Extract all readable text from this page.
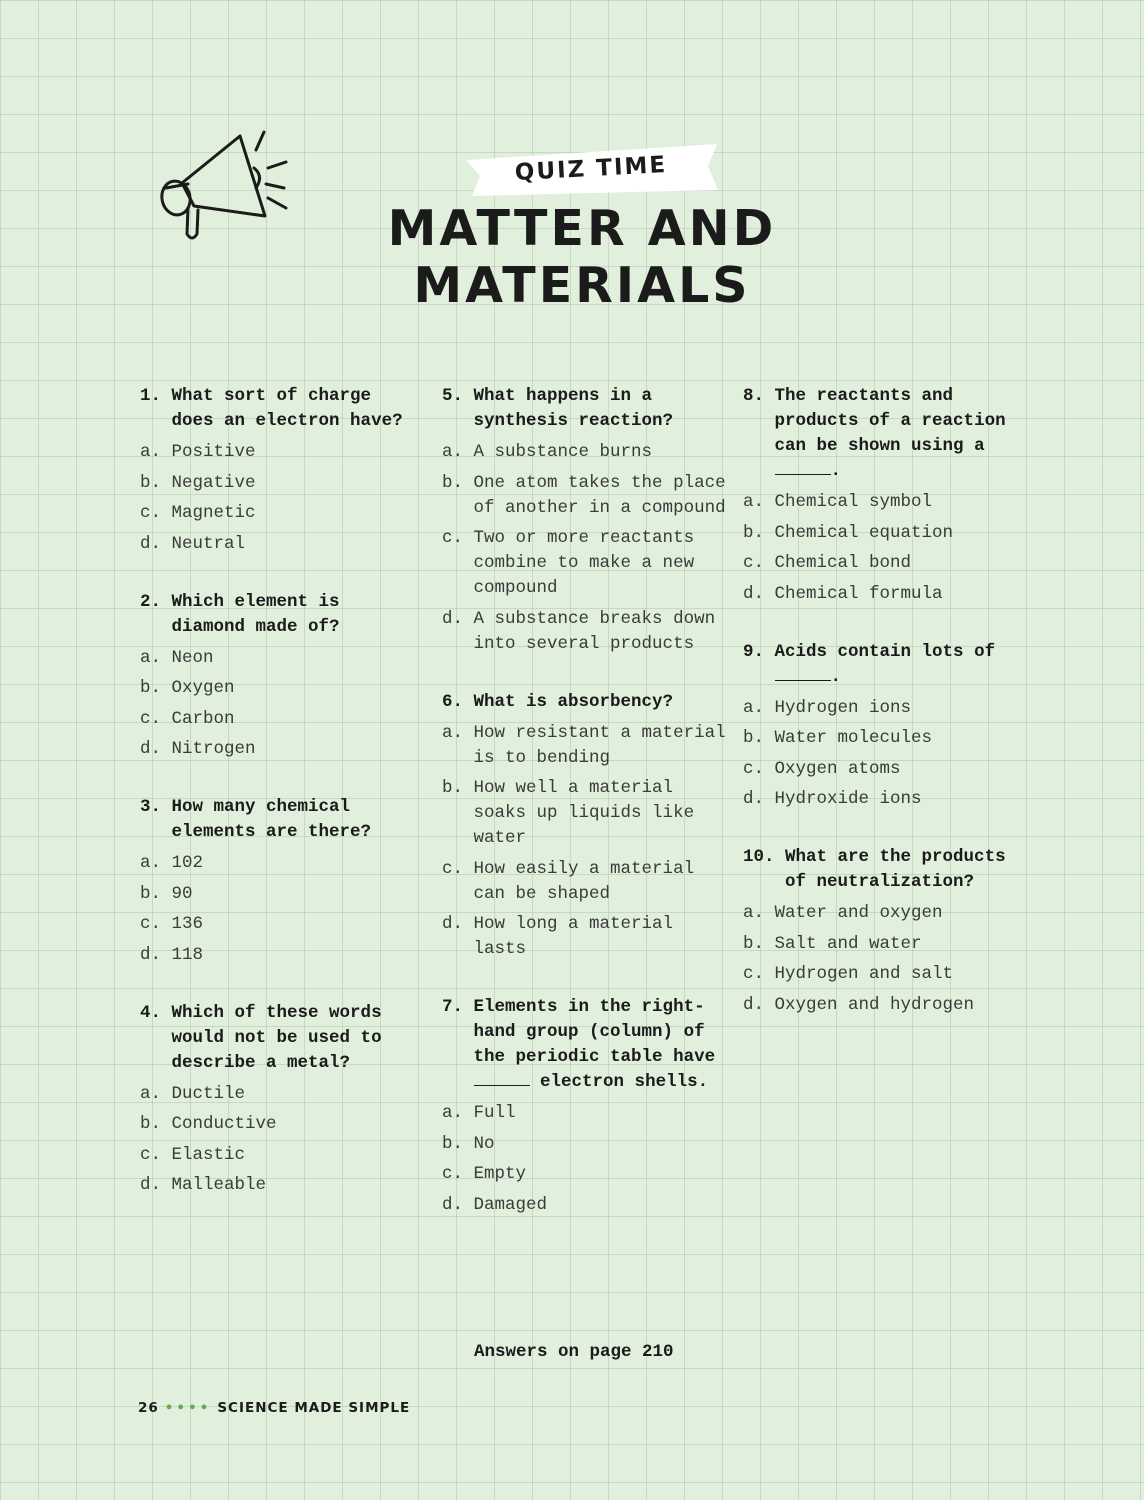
QUIZ TIME
MATTER AND
MATERIALS
1.
What sort of charge does an electron have?
a.
Positive
b.
Negative
c.
Magnetic
d.
Neutral
2.
Which element is diamond made of?
a.
Neon
b.
Oxygen
c.
Carbon
d.
Nitrogen
3.
How many chemical elements are there?
a.
102
b.
90
c.
136
d.
118
4.
Which of these words would not be used to describe a metal?
a.
Ductile
b.
Conductive
c.
Elastic
d.
Malleable
5.
What happens in a synthesis reaction?
a.
A substance burns
b.
One atom takes the place of another in a compound
c.
Two or more reactants combine to make a new compound
d.
A substance breaks down into several products
6.
What is absorbency?
a.
How resistant a material is to bending
b.
How well a material soaks up liquids like water
c.
How easily a material can be shaped
d.
How long a material lasts
7.
Elements in the right-hand group (column) of the periodic table have  electron shells.
a.
Full
b.
No
c.
Empty
d.
Damaged
8.
The reactants and products of a reaction can be shown using a .
a.
Chemical symbol
b.
Chemical equation
c.
Chemical bond
d.
Chemical formula
9.
Acids contain lots of .
a.
Hydrogen ions
b.
Water molecules
c.
Oxygen atoms
d.
Hydroxide ions
10.
What are the products of neutralization?
a.
Water and oxygen
b.
Salt and water
c.
Hydrogen and salt
d.
Oxygen and hydrogen
Answers on page 210
26 •••• SCIENCE MADE SIMPLE
